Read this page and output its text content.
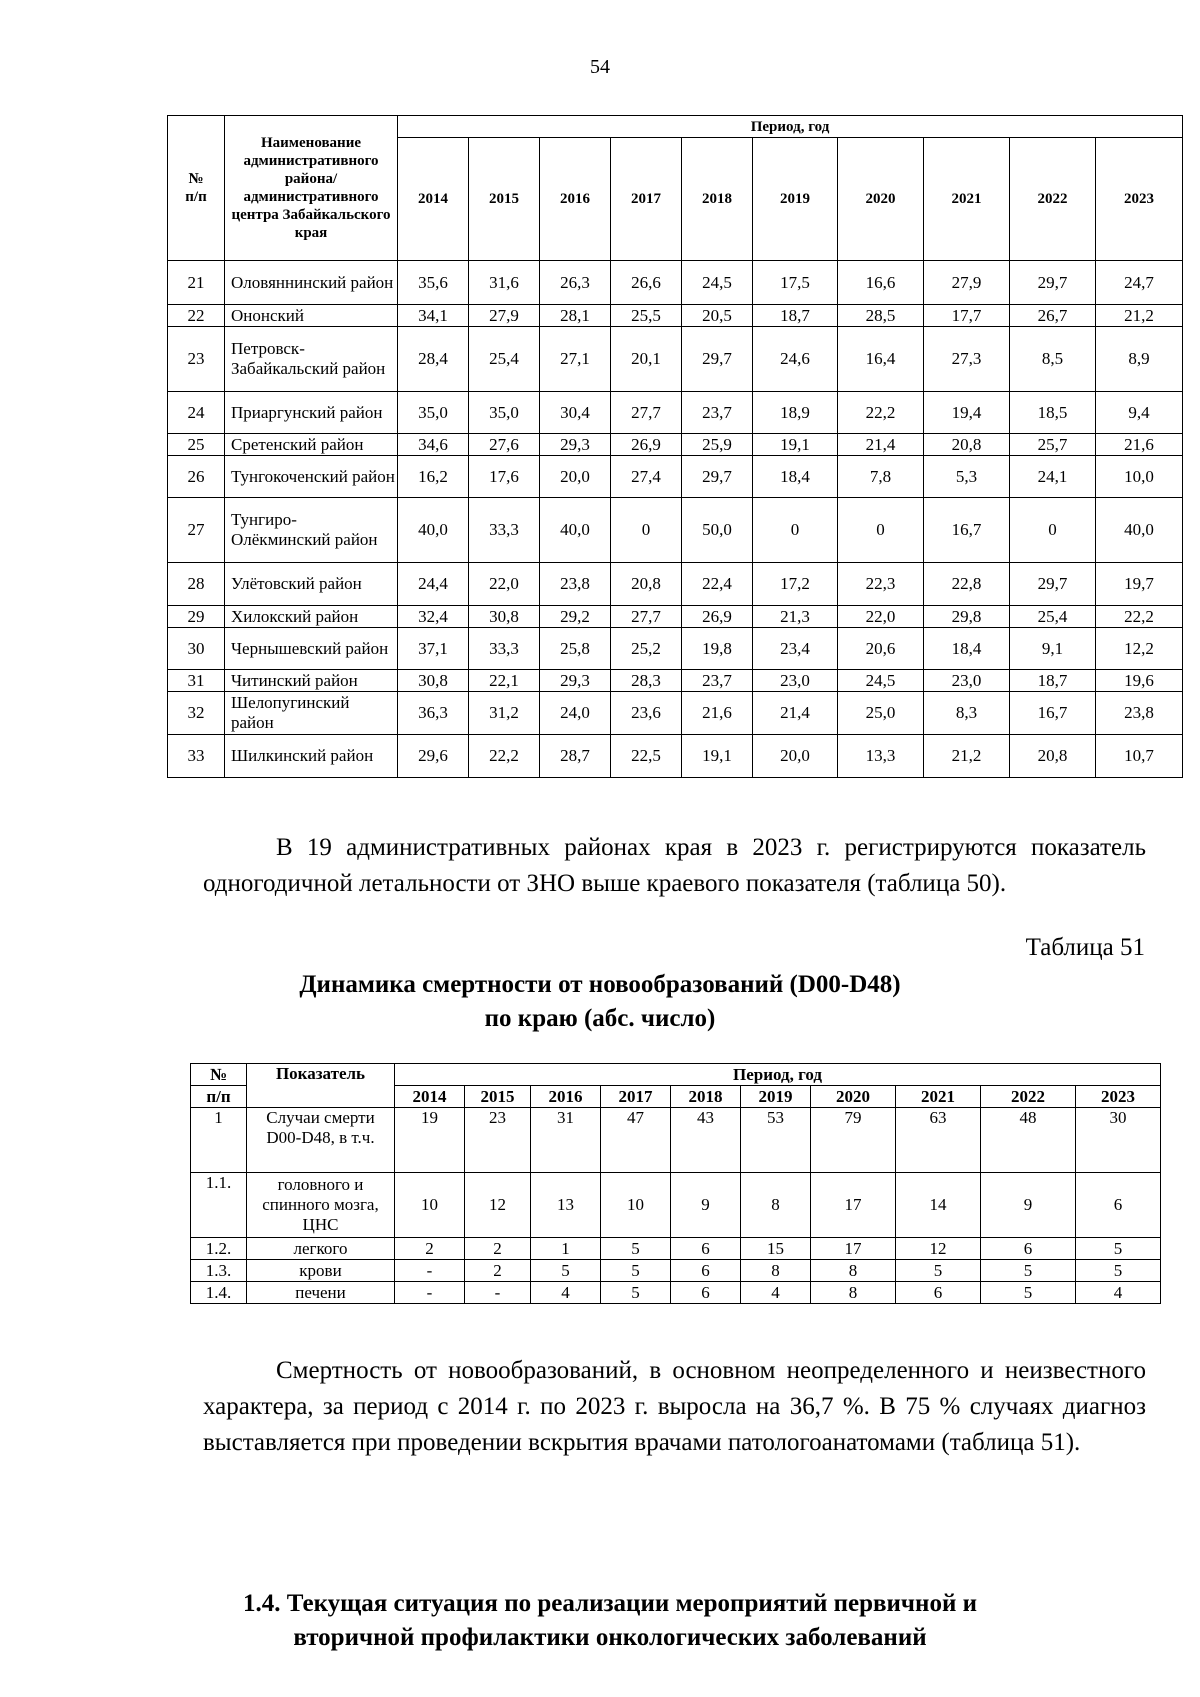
54
№
п/п	Наименование административного района/ административного центра Забайкальского края	Период, год									
		2014	2015	2016	2017	2018	2019	2020	2021	2022	2023
21	Оловяннинский район	35,6	31,6	26,3	26,6	24,5	17,5	16,6	27,9	29,7	24,7
22	Ононский	34,1	27,9	28,1	25,5	20,5	18,7	28,5	17,7	26,7	21,2
23	Петровск-Забайкальский район	28,4	25,4	27,1	20,1	29,7	24,6	16,4	27,3	8,5	8,9
24	Приаргунский район	35,0	35,0	30,4	27,7	23,7	18,9	22,2	19,4	18,5	9,4
25	Сретенский район	34,6	27,6	29,3	26,9	25,9	19,1	21,4	20,8	25,7	21,6
26	Тунгокоченский район	16,2	17,6	20,0	27,4	29,7	18,4	7,8	5,3	24,1	10,0
27	Тунгиро-Олёкминский район	40,0	33,3	40,0	0	50,0	0	0	16,7	0	40,0
28	Улётовский район	24,4	22,0	23,8	20,8	22,4	17,2	22,3	22,8	29,7	19,7
29	Хилокский район	32,4	30,8	29,2	27,7	26,9	21,3	22,0	29,8	25,4	22,2
30	Чернышевский район	37,1	33,3	25,8	25,2	19,8	23,4	20,6	18,4	9,1	12,2
31	Читинский район	30,8	22,1	29,3	28,3	23,7	23,0	24,5	23,0	18,7	19,6
32	Шелопугинский район	36,3	31,2	24,0	23,6	21,6	21,4	25,0	8,3	16,7	23,8
33	Шилкинский район	29,6	22,2	28,7	22,5	19,1	20,0	13,3	21,2	20,8	10,7
В 19 административных районах края в 2023 г. регистрируются показатель одногодичной летальности от ЗНО выше краевого показателя (таблица 50).
Таблица 51
Динамика смертности от новообразований (D00-D48)
по краю (абс. число)
№	Показатель	Период, год									
п/п		2014	2015	2016	2017	2018	2019	2020	2021	2022	2023
1	Случаи смерти D00-D48, в т.ч.	19	23	31	47	43	53	79	63	48	30
1.1.	головного и спинного мозга, ЦНС	10	12	13	10	9	8	17	14	9	6
1.2.	легкого	2	2	1	5	6	15	17	12	6	5
1.3.	крови	-	2	5	5	6	8	8	5	5	5
1.4.	печени	-	-	4	5	6	4	8	6	5	4
Смертность от новообразований, в основном неопределенного и неизвестного характера, за период с 2014 г. по 2023 г. выросла на 36,7 %. В 75 % случаях диагноз выставляется при проведении вскрытия врачами патологоанатомами (таблица 51).
1.4. Текущая ситуация по реализации мероприятий первичной и
вторичной профилактики онкологических заболеваний
